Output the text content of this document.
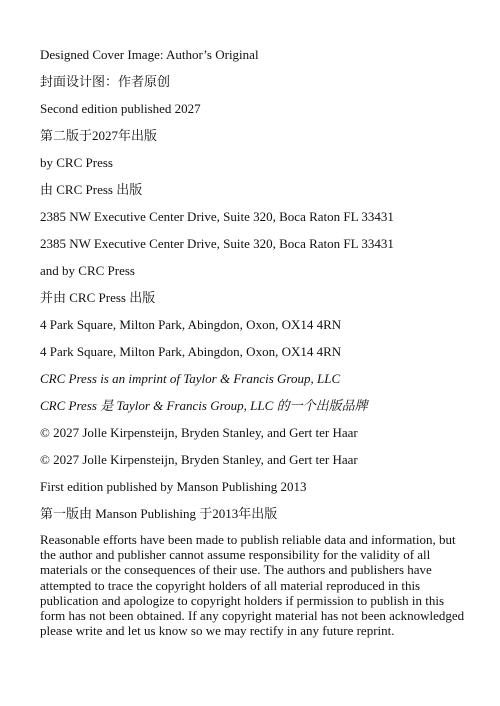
Designed Cover Image: Author’s Original
封面设计图：作者原创
Second edition published 2027
第二版于2027年出版
by CRC Press
由 CRC Press 出版
2385 NW Executive Center Drive, Suite 320, Boca Raton FL 33431
2385 NW Executive Center Drive, Suite 320, Boca Raton FL 33431
and by CRC Press
并由 CRC Press 出版
4 Park Square, Milton Park, Abingdon, Oxon, OX14 4RN
4 Park Square, Milton Park, Abingdon, Oxon, OX14 4RN
CRC Press is an imprint of Taylor & Francis Group, LLC
CRC Press 是 Taylor & Francis Group, LLC 的一个出版品牌
© 2027 Jolle Kirpensteijn, Bryden Stanley, and Gert ter Haar
© 2027 Jolle Kirpensteijn, Bryden Stanley, and Gert ter Haar
First edition published by Manson Publishing 2013
第一版由 Manson Publishing 于2013年出版

Reasonable efforts have been made to publish reliable data and information, but the author and publisher cannot assume responsibility for the validity of all materials or the consequences of their use. The authors and publishers have attempted to trace the copyright holders of all material reproduced in this publication and apologize to copyright holders if permission to publish in this form has not been obtained. If any copyright material has not been acknowledged please write and let us know so we may rectify in any future reprint.
